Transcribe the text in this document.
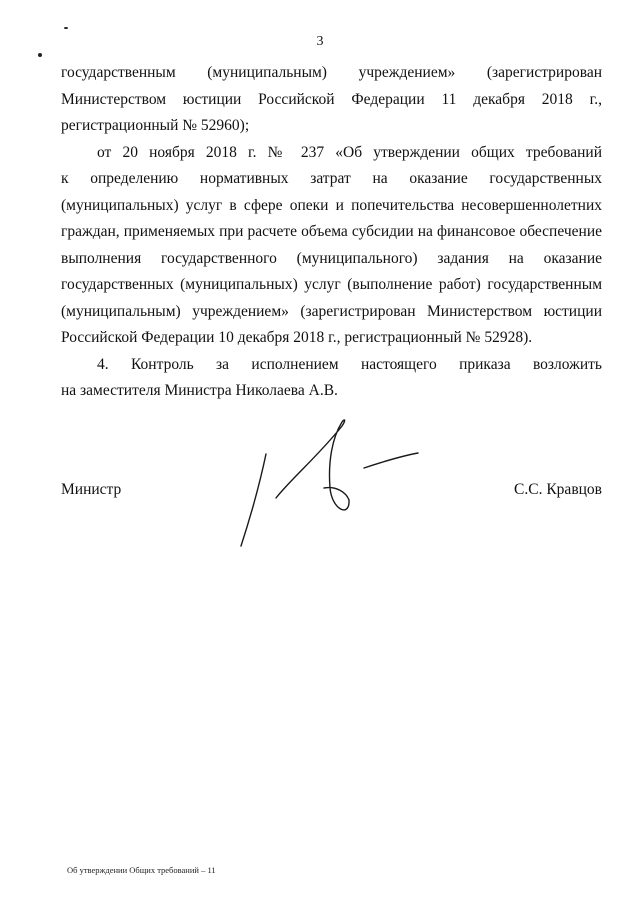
3
государственным (муниципальным) учреждением» (зарегистрирован
Министерством юстиции Российской Федерации 11 декабря 2018 г.,
регистрационный № 52960);
от 20 ноября 2018 г. № 237 «Об утверждении общих требований
к определению нормативных затрат на оказание государственных
(муниципальных) услуг в сфере опеки и попечительства несовершеннолетних
граждан, применяемых при расчете объема субсидии на финансовое обеспечение
выполнения государственного (муниципального) задания на оказание
государственных (муниципальных) услуг (выполнение работ) государственным
(муниципальным) учреждением» (зарегистрирован Министерством юстиции
Российской Федерации 10 декабря 2018 г., регистрационный № 52928).
4. Контроль за исполнением настоящего приказа возложить
на заместителя Министра Николаева А.В.
Министр	С.С. Кравцов
Об утверждении Общих требований – 11
